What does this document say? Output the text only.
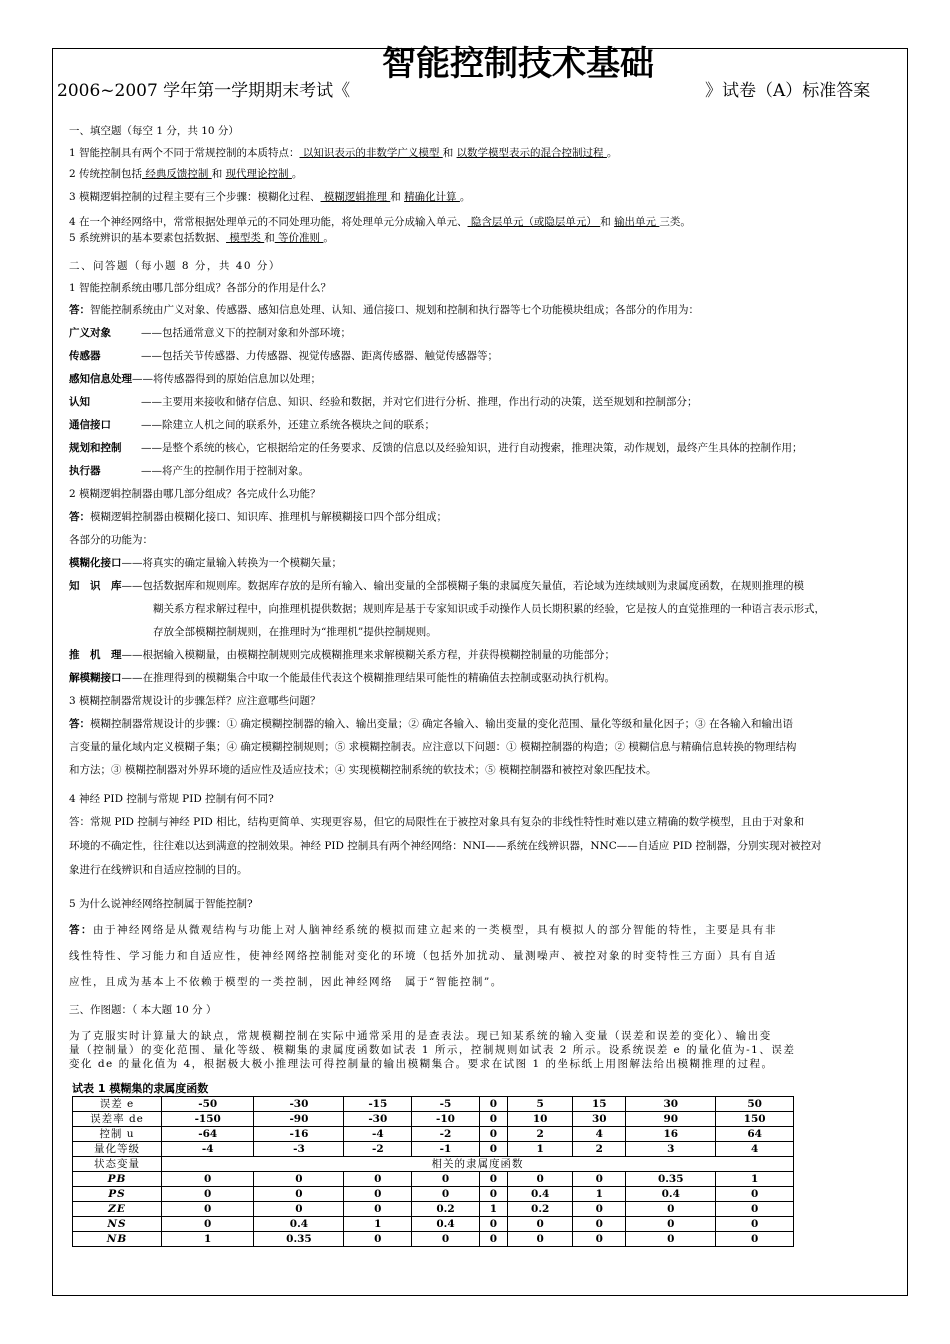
2006~2007 学年第一学期期末考试《
智能控制技术基础
》试卷（A）标准答案
一、填空题（每空 1 分，共 10 分）
1 智能控制具有两个不同于常规控制的本质特点： 以知识表示的非数学广义模型 和 以数学模型表示的混合控制过程 。
2 传统控制包括 经典反馈控制 和 现代理论控制 。
3 模糊逻辑控制的过程主要有三个步骤：模糊化过程、 模糊逻辑推理 和 精确化计算 。
4 在一个神经网络中，常常根据处理单元的不同处理功能，将处理单元分成输入单元、 隐含层单元（或隐层单元） 和 输出单元 三类。
5 系统辨识的基本要素包括数据、 模型类 和 等价准则 。
二、问答题（每小题 8 分，共 40 分）
1 智能控制系统由哪几部分组成？各部分的作用是什么？
答：智能控制系统由广义对象、传感器、感知信息处理、认知、通信接口、规划和控制和执行器等七个功能模块组成；各部分的作用为：
广义对象	——包括通常意义下的控制对象和外部环境；
传感器	——包括关节传感器、力传感器、视觉传感器、距离传感器、触觉传感器等；
感知信息处理——将传感器得到的原始信息加以处理；
认知	——主要用来接收和储存信息、知识、经验和数据，并对它们进行分析、推理，作出行动的决策，送至规划和控制部分；
通信接口	——除建立人机之间的联系外，还建立系统各模块之间的联系；
规划和控制 ——是整个系统的核心，它根据给定的任务要求、反馈的信息以及经验知识，进行自动搜索，推理决策，动作规划，最终产生具体的控制作用；
执行器	——将产生的控制作用于控制对象。
2 模糊逻辑控制器由哪几部分组成？各完成什么功能？
答：模糊逻辑控制器由模糊化接口、知识库、推理机与解模糊接口四个部分组成；
各部分的功能为：
模糊化接口——将真实的确定量输入转换为一个模糊矢量；
知　识　库——包括数据库和规则库。数据库存放的是所有输入、输出变量的全部模糊子集的隶属度矢量值，若论域为连续域则为隶属度函数，在规则推理的模
糊关系方程求解过程中，向推理机提供数据；规则库是基于专家知识或手动操作人员长期积累的经验，它是按人的直觉推理的一种语言表示形式，
存放全部模糊控制规则，在推理时为“推理机”提供控制规则。
推　机　理——根据输入模糊量，由模糊控制规则完成模糊推理来求解模糊关系方程，并获得模糊控制量的功能部分；
解模糊接口——在推理得到的模糊集合中取一个能最佳代表这个模糊推理结果可能性的精确值去控制或驱动执行机构。
3 模糊控制器常规设计的步骤怎样？应注意哪些问题？
答：模糊控制器常规设计的步骤：① 确定模糊控制器的输入、输出变量；② 确定各输入、输出变量的变化范围、量化等级和量化因子；③ 在各输入和输出语
言变量的量化域内定义模糊子集；④ 确定模糊控制规则；⑤ 求模糊控制表。应注意以下问题：① 模糊控制器的构造；② 模糊信息与精确信息转换的物理结构
和方法；③ 模糊控制器对外界环境的适应性及适应技术；④ 实现模糊控制系统的软技术；⑤ 模糊控制器和被控对象匹配技术。
4 神经 PID 控制与常规 PID 控制有何不同?
答：常规 PID 控制与神经 PID 相比，结构更简单、实现更容易，但它的局限性在于被控对象具有复杂的非线性特性时难以建立精确的数学模型，且由于对象和
环境的不确定性，往往难以达到满意的控制效果。神经 PID 控制具有两个神经网络：NNI——系统在线辨识器，NNC——自适应 PID 控制器，分别实现对被控对
象进行在线辨识和自适应控制的目的。
5 为什么说神经网络控制属于智能控制?
答：由于神经网络是从微观结构与功能上对人脑神经系统的模拟而建立起来的一类模型，具有模拟人的部分智能的特性，主要是具有非
线性特性、学习能力和自适应性，使神经网络控制能对变化的环境（包括外加扰动、量测噪声、被控对象的时变特性三方面）具有自适
应性，且成为基本上不依赖于模型的一类控制，因此神经网络　属于“智能控制”。
三、作图题：（ 本大题 10 分 ）
为了克服实时计算量大的缺点，常规模糊控制在实际中通常采用的是查表法。现已知某系统的输入变量（误差和误差的变化）、输出变
量（控制量）的变化范围、量化等级、模糊集的隶属度函数如试表 1 所示，控制规则如试表 2 所示。设系统误差 e 的量化值为-1、误差
变化 de 的量化值为 4，根据极大极小推理法可得控制量的输出模糊集合。要求在试图 1 的坐标纸上用图解法给出模糊推理的过程。
试表 1 模糊集的隶属度函数
误差 e	-50	-30	-15	-5	0	5	15	30	50
误差率 de	-150	-90	-30	-10	0	10	30	90	150
控制 u	-64	-16	-4	-2	0	2	4	16	64
量化等级	-4	-3	-2	-1	0	1	2	3	4
状态变量	相关的隶属度函数								
PB	0	0	0	0	0	0	0	0.35	1
PS	0	0	0	0	0	0.4	1	0.4	0
ZE	0	0	0	0.2	1	0.2	0	0	0
NS	0	0.4	1	0.4	0	0	0	0	0
NB	1	0.35	0	0	0	0	0	0	0
